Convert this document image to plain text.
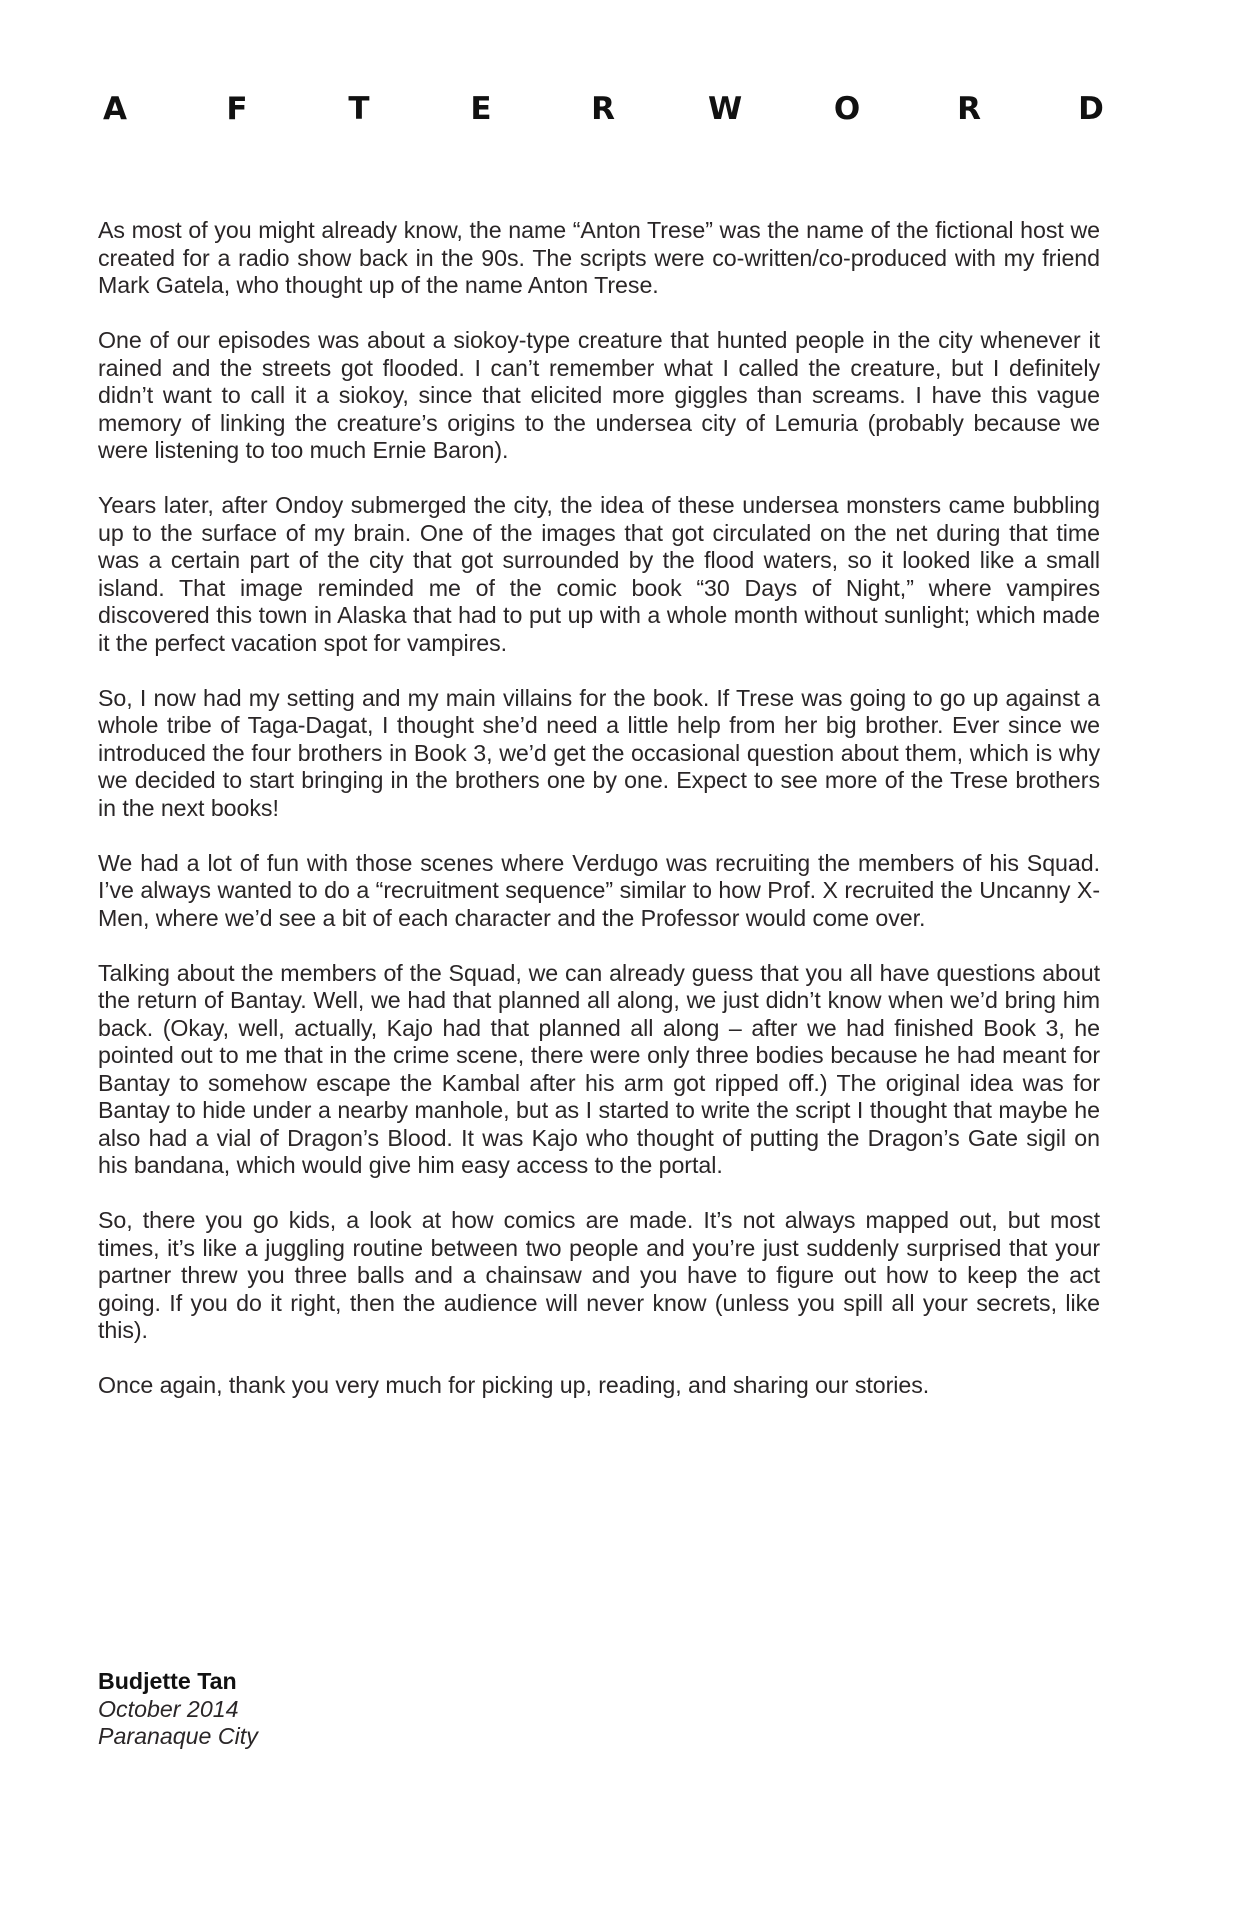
A	F	T	E	R	W	O	R	D

As most of you might already know, the name “Anton Trese” was the name of the fictional host we created for a radio show back in the 90s. The scripts were co-written/co-produced with my friend Mark Gatela, who thought up of the name Anton Trese.

One of our episodes was about a siokoy-type creature that hunted people in the city whenever it rained and the streets got flooded. I can’t remember what I called the creature, but I definitely didn’t want to call it a siokoy, since that elicited more giggles than screams. I have this vague memory of linking the creature’s origins to the undersea city of Lemuria (probably because we were listening to too much Ernie Baron).

Years later, after Ondoy submerged the city, the idea of these undersea monsters came bubbling up to the surface of my brain. One of the images that got circulated on the net during that time was a certain part of the city that got surrounded by the flood waters, so it looked like a small island. That image reminded me of the comic book “30 Days of Night,” where vampires discovered this town in Alaska that had to put up with a whole month without sunlight; which made it the perfect vacation spot for vampires.

So, I now had my setting and my main villains for the book. If Trese was going to go up against a whole tribe of Taga-Dagat, I thought she’d need a little help from her big brother. Ever since we introduced the four brothers in Book 3, we’d get the occasional question about them, which is why we decided to start bringing in the brothers one by one. Expect to see more of the Trese brothers in the next books!

We had a lot of fun with those scenes where Verdugo was recruiting the members of his Squad. I’ve always wanted to do a “recruitment sequence” similar to how Prof. X recruited the Uncanny X-Men, where we’d see a bit of each character and the Professor would come over.

Talking about the members of the Squad, we can already guess that you all have questions about the return of Bantay. Well, we had that planned all along, we just didn’t know when we’d bring him back. (Okay, well, actually, Kajo had that planned all along – after we had finished Book 3, he pointed out to me that in the crime scene, there were only three bodies because he had meant for Bantay to somehow escape the Kambal after his arm got ripped off.) The original idea was for Bantay to hide under a nearby manhole, but as I started to write the script I thought that maybe he also had a vial of Dragon’s Blood. It was Kajo who thought of putting the Dragon’s Gate sigil on his bandana, which would give him easy access to the portal.

So, there you go kids, a look at how comics are made. It’s not always mapped out, but most times, it’s like a juggling routine between two people and you’re just suddenly surprised that your partner threw you three balls and a chainsaw and you have to figure out how to keep the act going. If you do it right, then the audience will never know (unless you spill all your secrets, like this).

Once again, thank you very much for picking up, reading, and sharing our stories.

Budjette Tan
October 2014
Paranaque City
